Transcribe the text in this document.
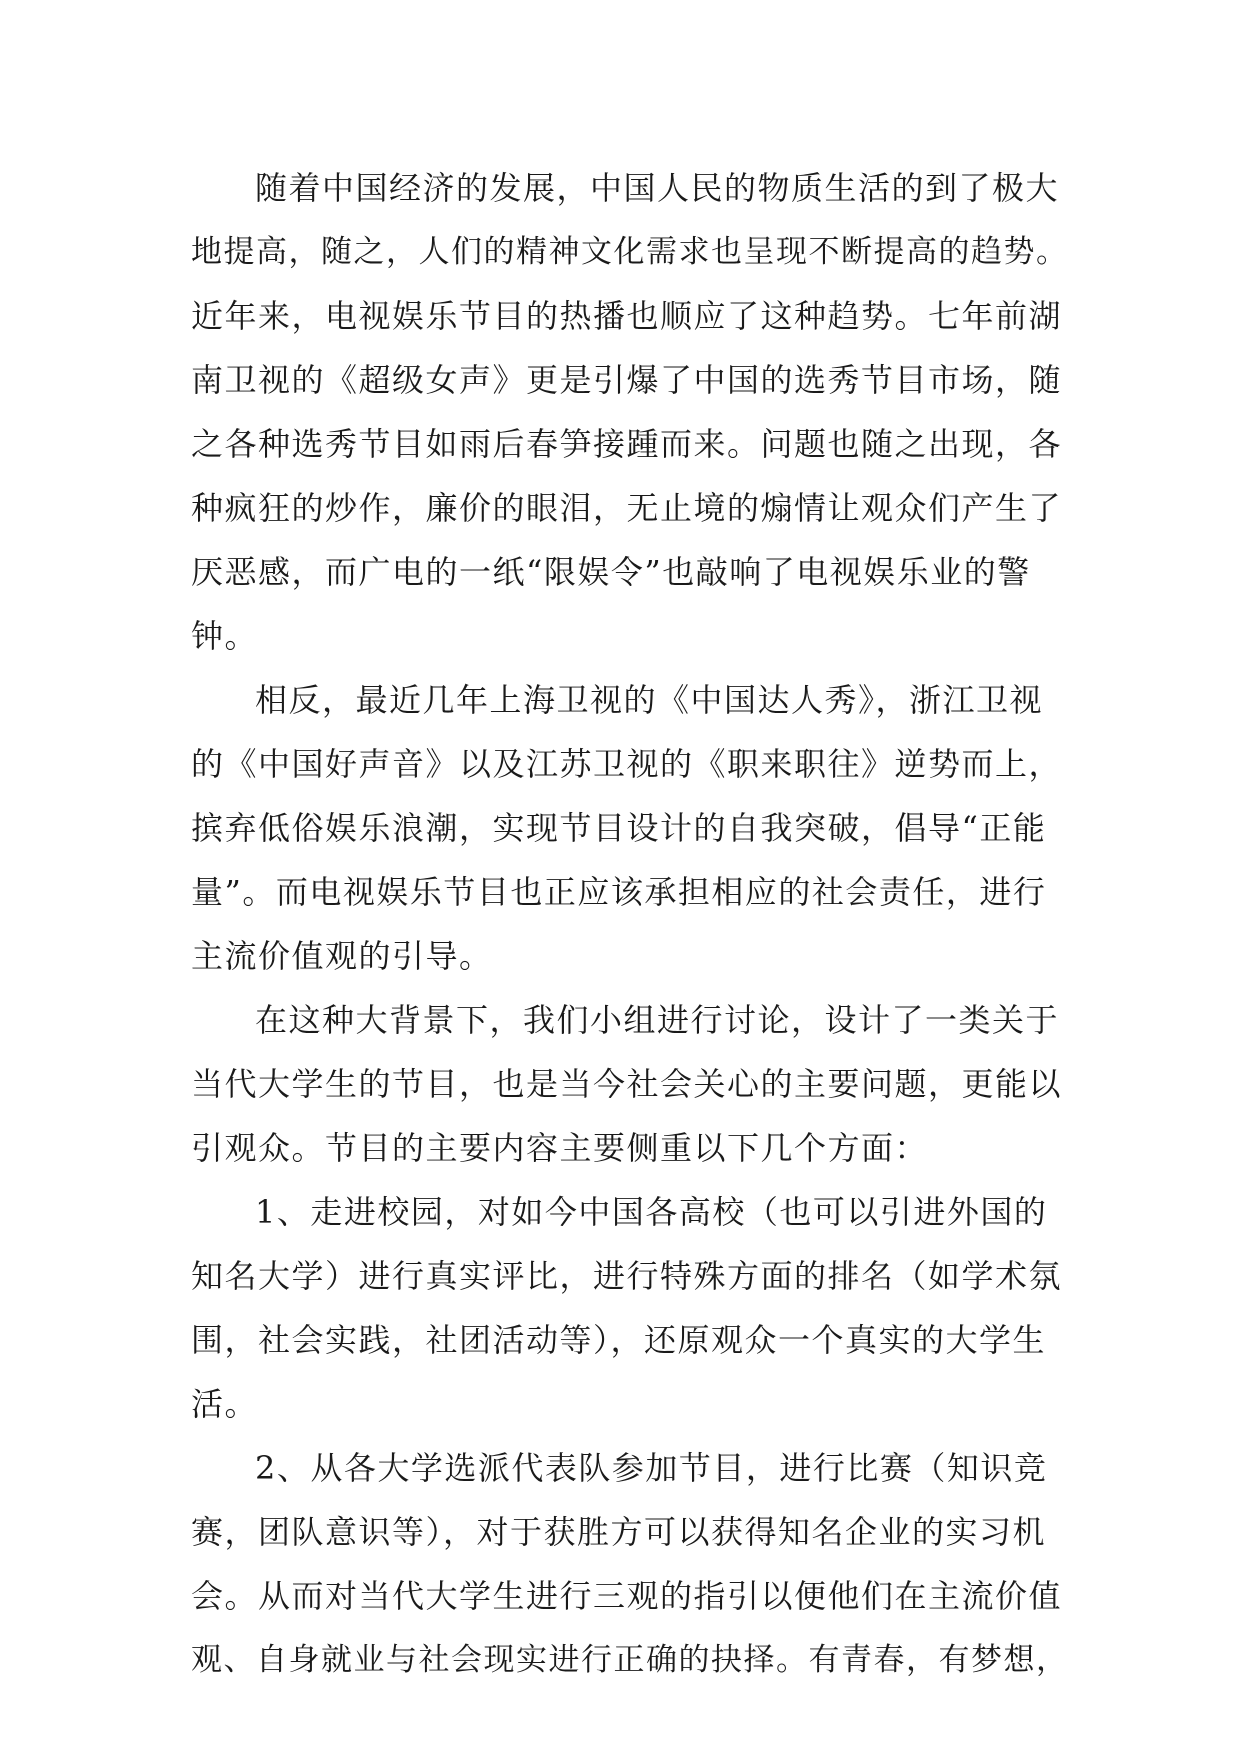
随着中国经济的发展，中国人民的物质生活的到了极大
地提高，随之，人们的精神文化需求也呈现不断提高的趋势。
近年来，电视娱乐节目的热播也顺应了这种趋势。七年前湖
南卫视的《超级女声》更是引爆了中国的选秀节目市场，随
之各种选秀节目如雨后春笋接踵而来。问题也随之出现，各
种疯狂的炒作，廉价的眼泪，无止境的煽情让观众们产生了
厌恶感，而广电的一纸“限娱令”也敲响了电视娱乐业的警
钟。
相反，最近几年上海卫视的《中国达人秀》，浙江卫视
的《中国好声音》以及江苏卫视的《职来职往》逆势而上，
摈弃低俗娱乐浪潮，实现节目设计的自我突破，倡导“正能
量”。而电视娱乐节目也正应该承担相应的社会责任，进行
主流价值观的引导。
在这种大背景下，我们小组进行讨论，设计了一类关于
当代大学生的节目，也是当今社会关心的主要问题，更能以
引观众。节目的主要内容主要侧重以下几个方面：
1、走进校园，对如今中国各高校（也可以引进外国的
知名大学）进行真实评比，进行特殊方面的排名（如学术氛
围，社会实践，社团活动等），还原观众一个真实的大学生
活。
2、从各大学选派代表队参加节目，进行比赛（知识竞
赛，团队意识等），对于获胜方可以获得知名企业的实习机
会。从而对当代大学生进行三观的指引以便他们在主流价值
观、自身就业与社会现实进行正确的抉择。有青春，有梦想，
